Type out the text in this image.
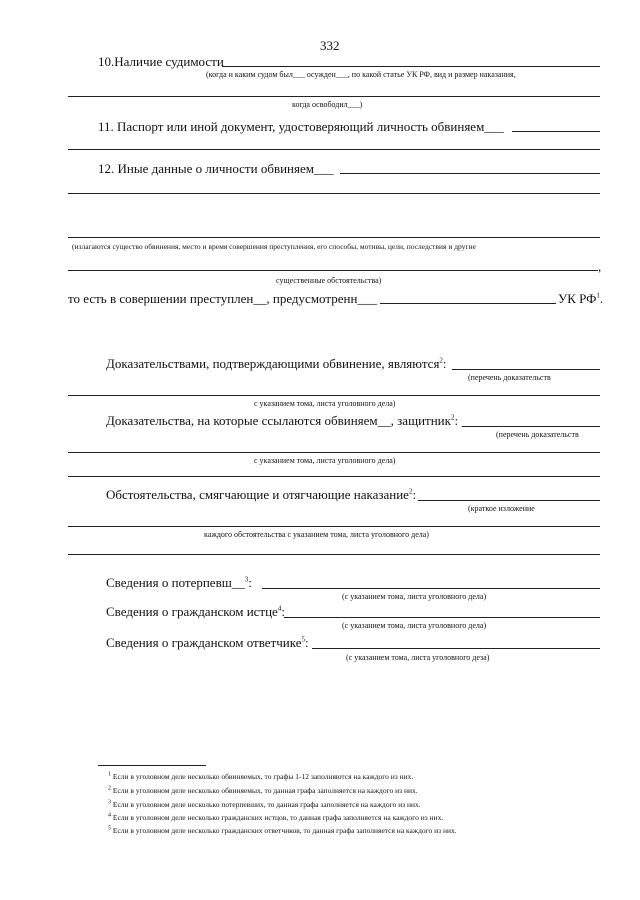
332
10.Наличие судимости
(когда и каким судом был___ осужден___, по какой статье УК РФ, вид и размер наказания,
когда освободил___)
11. Паспорт или иной документ, удостоверяющий личность обвиняем___
12. Иные данные о личности обвиняем___
(излагаются существо обвинения, место и время совершения преступления, его способы, мотивы, цели, последствия и другие
,
существенные обстоятельства)
то есть в совершении преступлен__, предусмотренн___	УК $РФ^1$.
Доказательствами, подтверждающими обвинение, являются$^2$:
(перечень доказательств
с указанием тома, листа уголовного дела)
Доказательства, на которые ссылаются обвиняем__, защитник$^2$:
(перечень доказательств
с указанием тома, листа уголовного дела)
Обстоятельства, смягчающие и отягчающие наказание$^2$:
(краткое изложение
каждого обстоятельства с указанием тома, листа уголовного дела)
Сведения о потерпевш__$^3$:
(с указанием тома, листа уголовного дела)
Сведения о гражданском истце$^4$:
(с указанием тома, листа уголовного дела)
Сведения о гражданском ответчике$^5$:
(с указанием тома, листа уголовного деза)
$^1$ Если в уголовном деле несколько обвиняемых, то графы 1-12 заполняются на каждого из них.
$^2$ Если в уголовном деле несколько обвиняемых, то данная графа заполняется на каждого из них.
$^3$ Если в уголовном деле несколько потерпевших, то данная графа заполняется на каждого из них.
$^4$ Если в уголовном деле несколько гражданских истцов, то данная графа заполняется на каждого из них.
$^5$ Если в уголовном деле несколько гражданских ответчиков, то данная графа заполняется на каждого из них.
